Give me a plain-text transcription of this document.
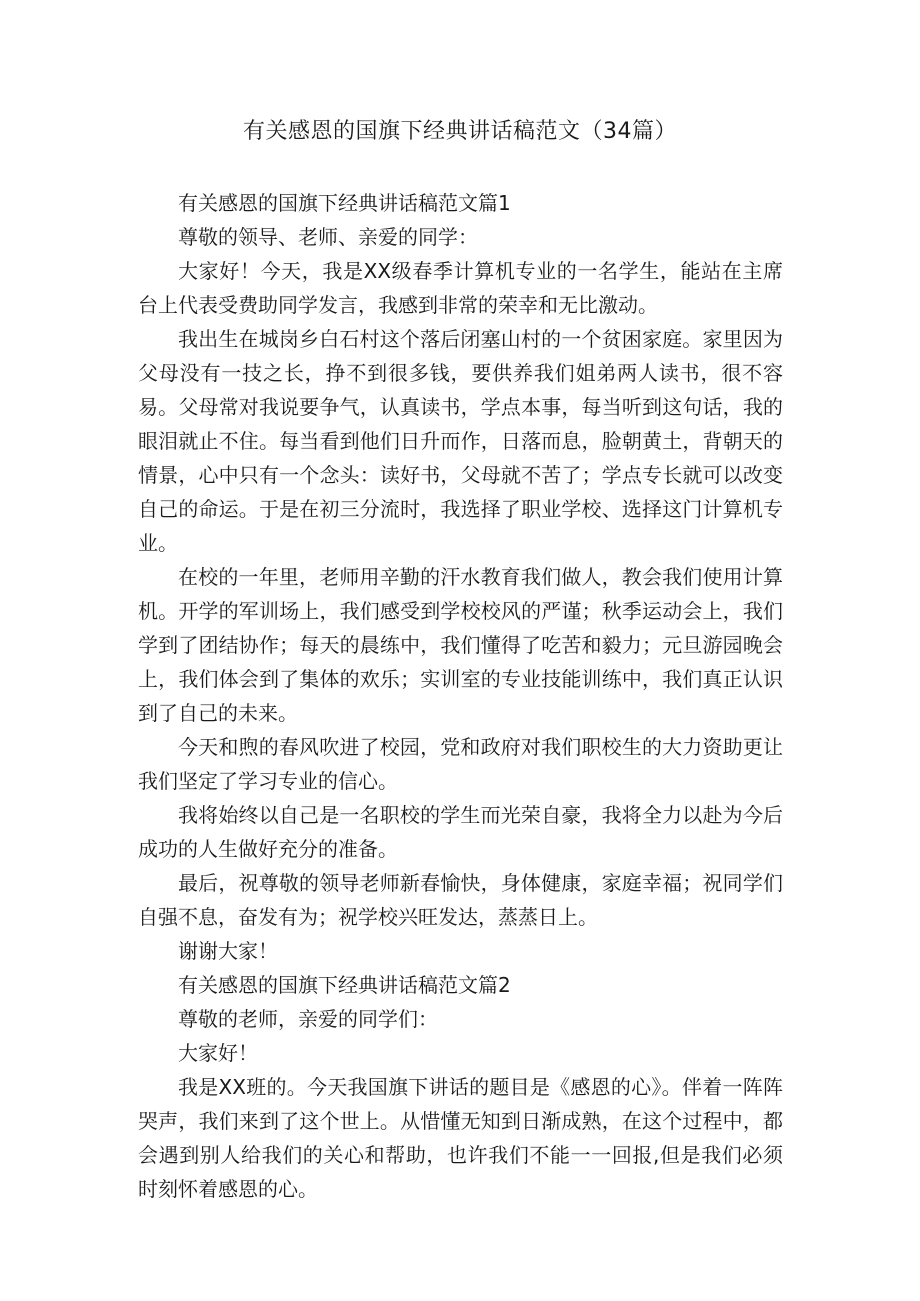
有关感恩的国旗下经典讲话稿范文（34篇）

有关感恩的国旗下经典讲话稿范文篇1

尊敬的领导、老师、亲爱的同学：

大家好！今天，我是XX级春季计算机专业的一名学生，能站在主席台上代表受费助同学发言，我感到非常的荣幸和无比激动。

我出生在城岗乡白石村这个落后闭塞山村的一个贫困家庭。家里因为父母没有一技之长，挣不到很多钱，要供养我们姐弟两人读书，很不容易。父母常对我说要争气，认真读书，学点本事，每当听到这句话，我的眼泪就止不住。每当看到他们日升而作，日落而息，脸朝黄土，背朝天的情景，心中只有一个念头：读好书，父母就不苦了；学点专长就可以改变自己的命运。于是在初三分流时，我选择了职业学校、选择这门计算机专业。

在校的一年里，老师用辛勤的汗水教育我们做人，教会我们使用计算机。开学的军训场上，我们感受到学校校风的严谨；秋季运动会上，我们学到了团结协作；每天的晨练中，我们懂得了吃苦和毅力；元旦游园晚会上，我们体会到了集体的欢乐；实训室的专业技能训练中，我们真正认识到了自己的未来。

今天和煦的春风吹进了校园，党和政府对我们职校生的大力资助更让我们坚定了学习专业的信心。

我将始终以自己是一名职校的学生而光荣自豪，我将全力以赴为今后成功的人生做好充分的准备。

最后，祝尊敬的领导老师新春愉快，身体健康，家庭幸福；祝同学们自强不息，奋发有为；祝学校兴旺发达，蒸蒸日上。

谢谢大家！

有关感恩的国旗下经典讲话稿范文篇2

尊敬的老师，亲爱的同学们：

大家好！

我是XX班的。今天我国旗下讲话的题目是《感恩的心》。伴着一阵阵哭声，我们来到了这个世上。从惜懂无知到日渐成熟，在这个过程中，都会遇到别人给我们的关心和帮助，也许我们不能一一回报,但是我们必须时刻怀着感恩的心。
